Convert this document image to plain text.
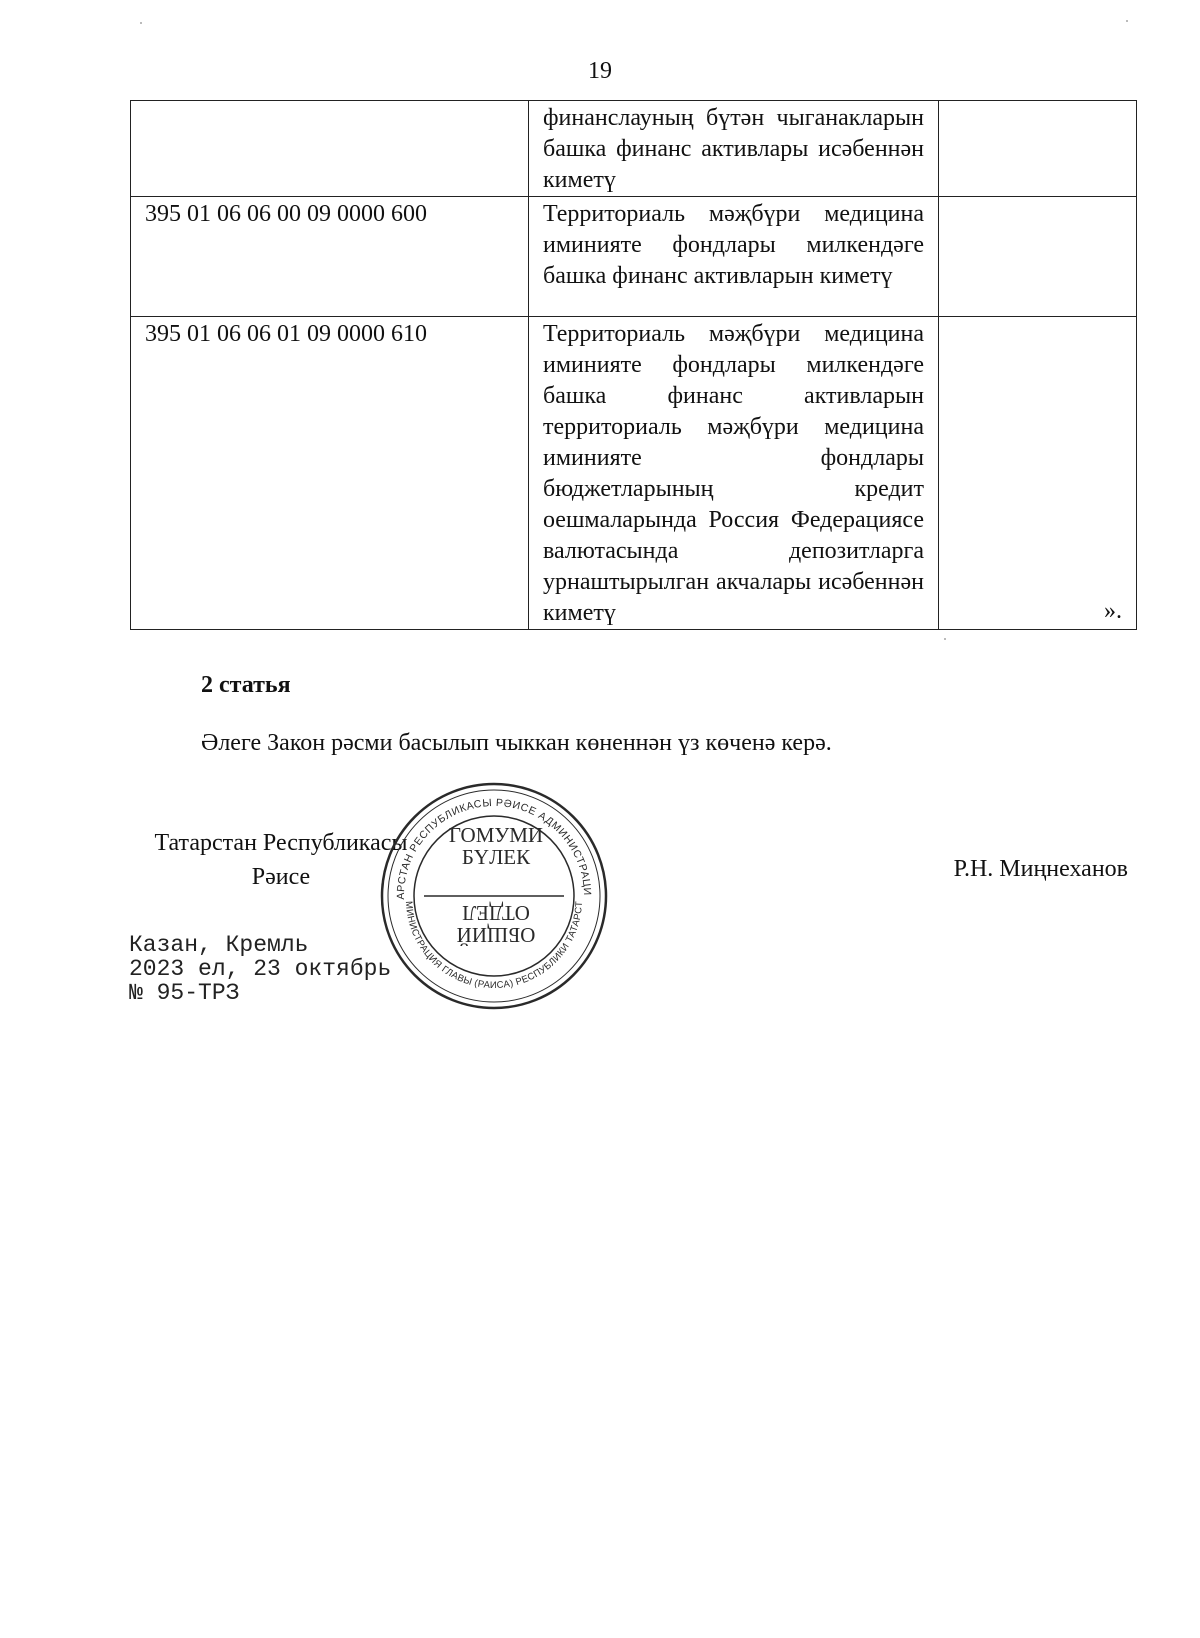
19
	финанслауның бүтән чыганакларын башка финанс активлары исәбеннән киметү	
395 01 06 06 00 09 0000 600	Территориаль мәҗбүри медицина иминияте фондлары милкендәге башка финанс активларын киметү	
395 01 06 06 01 09 0000 610	Территориаль мәҗбүри медицина иминияте фондлары милкендәге башка финанс активларын территориаль мәҗбүри медицина иминияте фондлары бюджетларының кредит оешмаларында Россия Федерациясе валютасында депозитларга урнаштырылган акчалары исәбеннән киметү	».
2 статья
Әлеге Закон рәсми басылып чыккан көненнән үз көченә керә.
Татарстан Республикасы
Рәисе	Р.Н. Миңнеханов
Казан, Кремль
2023 ел, 23 октябрь
№ 95-ТРЗ
АРСТАН РЕСПУБЛИКАСЫ РӘИСЕ АДМИНИСТРАЦИ
МИНИСТРАЦИЯ ГЛАВЫ (РАИСА) РЕСПУБЛИКИ ТАТАРСТ
ГОМУМИ
БҮЛЕК
ОТДЕЛ
ОБЩИЙ
